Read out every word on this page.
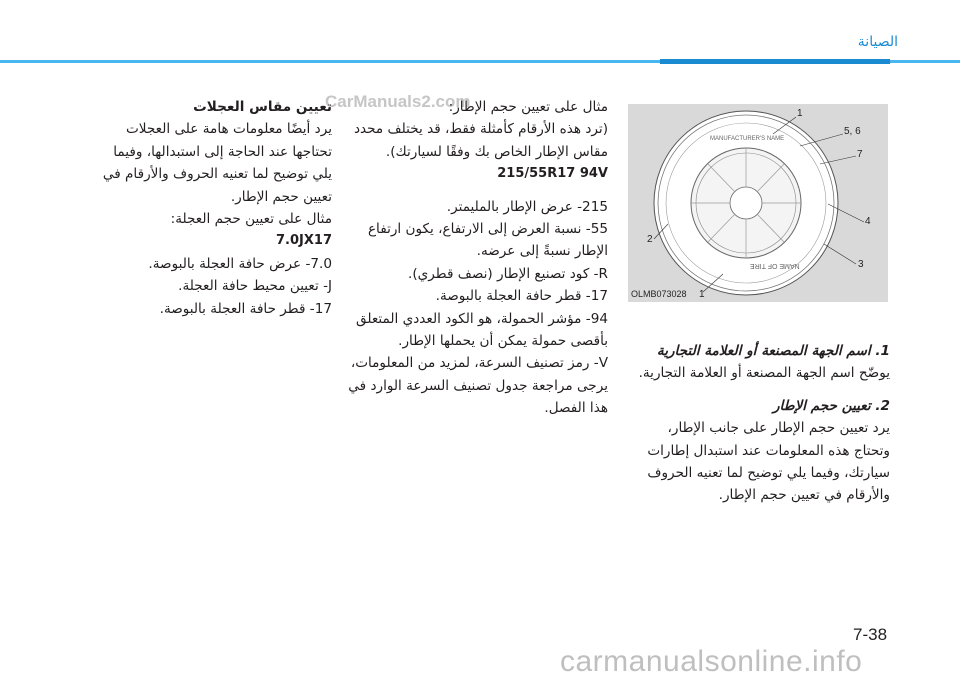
الصيانة
CarManuals2.com
1
5, 6
7
4
3
2
1
MANUFACTURER'S NAME
NAME OF TIRE
OLMB073028

1. اسم الجهة المصنعة أو العلامة التجارية

يوضّح اسم الجهة المصنعة أو العلامة التجارية.

2. تعيين حجم الإطار

يرد تعيين حجم الإطار على جانب الإطار، وتحتاج هذه المعلومات عند استبدال إطارات سيارتك، وفيما يلي توضيح لما تعنيه الحروف والأرقام في تعيين حجم الإطار.

مثال على تعيين حجم الإطار:

(ترد هذه الأرقام كأمثلة فقط، قد يختلف محدد مقاس الإطار الخاص بك وفقًا لسيارتك).

215/55R17 94V

215- عرض الإطار بالمليمتر.

55- نسبة العرض إلى الارتفاع، يكون ارتفاع الإطار نسبةً إلى عرضه.

R- كود تصنيع الإطار (نصف قطري).

17- قطر حافة العجلة بالبوصة.

94- مؤشر الحمولة، هو الكود العددي المتعلق بأقصى حمولة يمكن أن يحملها الإطار.

V- رمز تصنيف السرعة، لمزيد من المعلومات، يرجى مراجعة جدول تصنيف السرعة الوارد في هذا الفصل.

تعيين مقاس العجلات

يرد أيضًا معلومات هامة على العجلات تحتاجها عند الحاجة إلى استبدالها، وفيما يلي توضيح لما تعنيه الحروف والأرقام في تعيين حجم الإطار.

مثال على تعيين حجم العجلة:

7.0JX17

7.0- عرض حافة العجلة بالبوصة.

J- تعيين محيط حافة العجلة.

17- قطر حافة العجلة بالبوصة.

7-38
carmanualsonline.info
